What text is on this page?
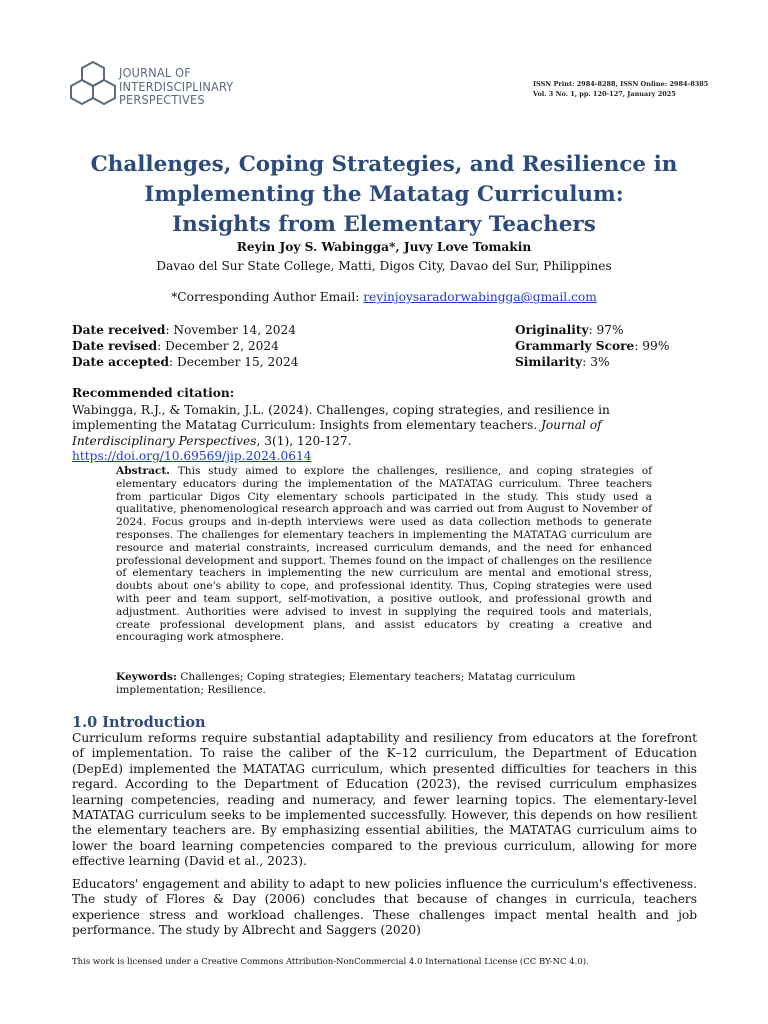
JOURNAL OF
INTERDISCIPLINARY
PERSPECTIVES
ISSN Print: 2984-8288, ISSN Online: 2984-8385
Vol. 3 No. 1, pp. 120-127, January 2025
Challenges, Coping Strategies, and Resilience in
Implementing the Matatag Curriculum:
Insights from Elementary Teachers
Reyin Joy S. Wabingga*, Juvy Love Tomakin
Davao del Sur State College, Matti, Digos City, Davao del Sur, Philippines
*Corresponding Author Email: reyinjoysaradorwabingga@gmail.com
Date received: November 14, 2024
Date revised: December 2, 2024
Date accepted: December 15, 2024
Originality: 97%
Grammarly Score: 99%
Similarity: 3%
Recommended citation:
Wabingga, R.J., & Tomakin, J.L. (2024). Challenges, coping strategies, and resilience in implementing the Matatag Curriculum: Insights from elementary teachers. Journal of Interdisciplinary Perspectives, 3(1), 120-127.
https://doi.org/10.69569/jip.2024.0614
Abstract. This study aimed to explore the challenges, resilience, and coping strategies of elementary educators during the implementation of the MATATAG curriculum. Three teachers from particular Digos City elementary schools participated in the study. This study used a qualitative, phenomenological research approach and was carried out from August to November of 2024. Focus groups and in-depth interviews were used as data collection methods to generate responses. The challenges for elementary teachers in implementing the MATATAG curriculum are resource and material constraints, increased curriculum demands, and the need for enhanced professional development and support. Themes found on the impact of challenges on the resilience of elementary teachers in implementing the new curriculum are mental and emotional stress, doubts about one's ability to cope, and professional identity. Thus, Coping strategies were used with peer and team support, self-motivation, a positive outlook, and professional growth and adjustment. Authorities were advised to invest in supplying the required tools and materials, create professional development plans, and assist educators by creating a creative and encouraging work atmosphere.
Keywords: Challenges; Coping strategies; Elementary teachers; Matatag curriculum implementation; Resilience.
1.0 Introduction
Curriculum reforms require substantial adaptability and resiliency from educators at the forefront of implementation. To raise the caliber of the K–12 curriculum, the Department of Education (DepEd) implemented the MATATAG curriculum, which presented difficulties for teachers in this regard. According to the Department of Education (2023), the revised curriculum emphasizes learning competencies, reading and numeracy, and fewer learning topics. The elementary-level MATATAG curriculum seeks to be implemented successfully. However, this depends on how resilient the elementary teachers are. By emphasizing essential abilities, the MATATAG curriculum aims to lower the board learning competencies compared to the previous curriculum, allowing for more effective learning (David et al., 2023).
Educators' engagement and ability to adapt to new policies influence the curriculum's effectiveness. The study of Flores & Day (2006) concludes that because of changes in curricula, teachers experience stress and workload challenges. These challenges impact mental health and job performance. The study by Albrecht and Saggers (2020)
This work is licensed under a Creative Commons Attribution-NonCommercial 4.0 International License (CC BY-NC 4.0).
